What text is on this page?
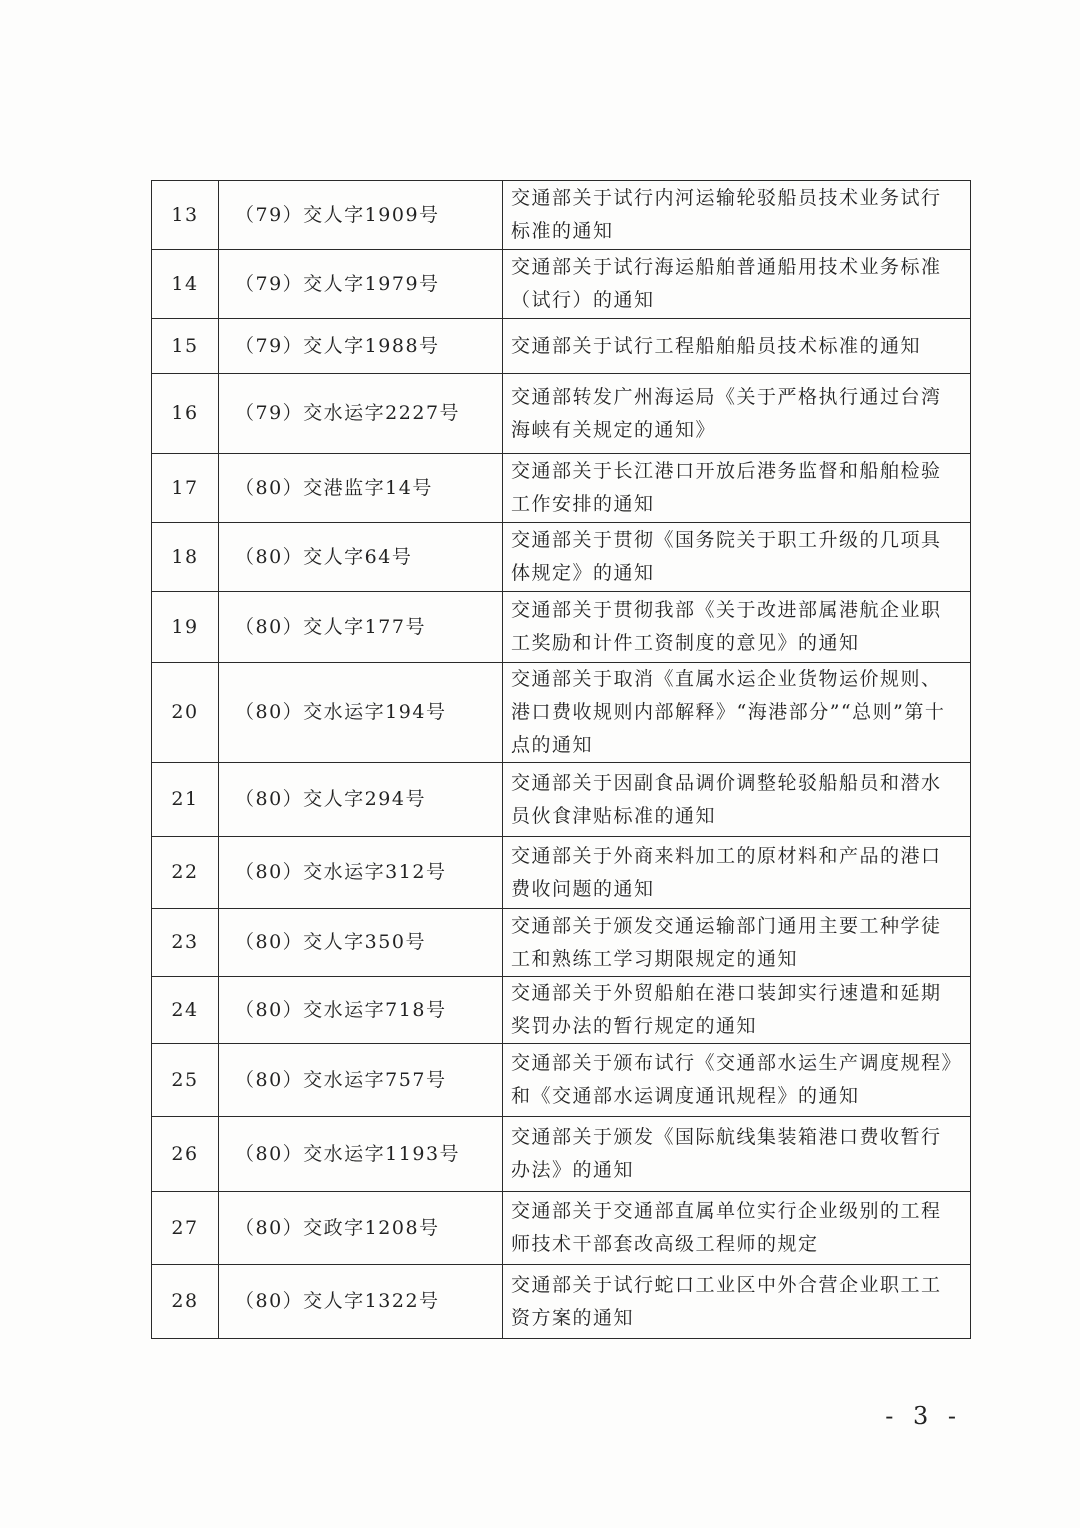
13	（79）交人字1909号	交通部关于试行内河运输轮驳船员技术业务试行标准的通知
14	（79）交人字1979号	交通部关于试行海运船舶普通船用技术业务标准（试行）的通知
15	（79）交人字1988号	交通部关于试行工程船舶船员技术标准的通知
16	（79）交水运字2227号	交通部转发广州海运局《关于严格执行通过台湾海峡有关规定的通知》
17	（80）交港监字14号	交通部关于长江港口开放后港务监督和船舶检验工作安排的通知
18	（80）交人字64号	交通部关于贯彻《国务院关于职工升级的几项具体规定》的通知
19	（80）交人字177号	交通部关于贯彻我部《关于改进部属港航企业职工奖励和计件工资制度的意见》的通知
20	（80）交水运字194号	交通部关于取消《直属水运企业货物运价规则、港口费收规则内部解释》“海港部分”“总则”第十点的通知
21	（80）交人字294号	交通部关于因副食品调价调整轮驳船船员和潜水员伙食津贴标准的通知
22	（80）交水运字312号	交通部关于外商来料加工的原材料和产品的港口费收问题的通知
23	（80）交人字350号	交通部关于颁发交通运输部门通用主要工种学徒工和熟练工学习期限规定的通知
24	（80）交水运字718号	交通部关于外贸船舶在港口装卸实行速遣和延期奖罚办法的暂行规定的通知
25	（80）交水运字757号	交通部关于颁布试行《交通部水运生产调度规程》和《交通部水运调度通讯规程》的通知
26	（80）交水运字1193号	交通部关于颁发《国际航线集装箱港口费收暂行办法》的通知
27	（80）交政字1208号	交通部关于交通部直属单位实行企业级别的工程师技术干部套改高级工程师的规定
28	（80）交人字1322号	交通部关于试行蛇口工业区中外合营企业职工工资方案的通知
- 3 -
